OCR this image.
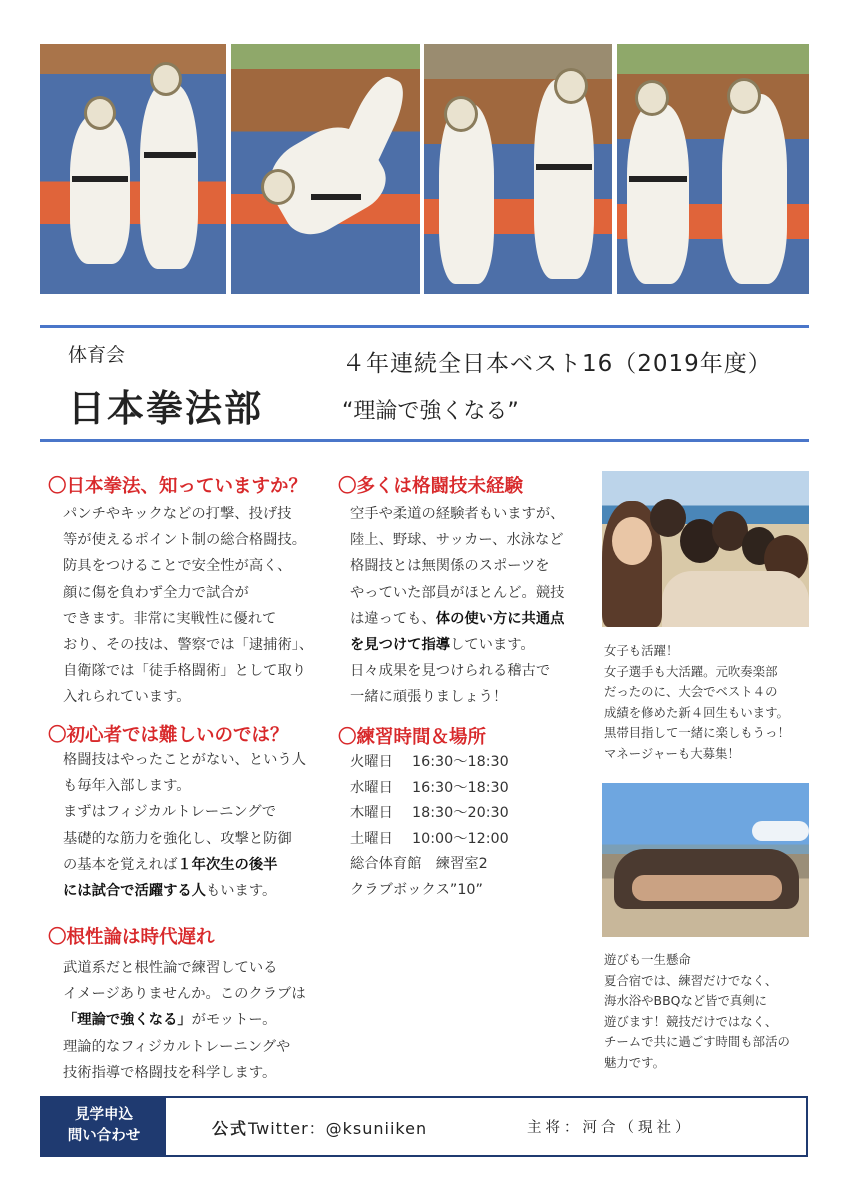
体育会
日本拳法部
４年連続全日本ベスト16（2019年度）
“理論で強くなる”
〇日本拳法、知っていますか？
パンチやキックなどの打撃、投げ技
等が使えるポイント制の総合格闘技。
防具をつけることで安全性が高く、
顔に傷を負わず全力で試合が
できます。非常に実戦性に優れて
おり、その技は、警察では「逮捕術」、
自衛隊では「徒手格闘術」として取り
入れられています。
〇初心者では難しいのでは？
格闘技はやったことがない、という人
も毎年入部します。
まずはフィジカルトレーニングで
基礎的な筋力を強化し、攻撃と防御
の基本を覚えれば１年次生の後半
には試合で活躍する人もいます。
〇根性論は時代遅れ
武道系だと根性論で練習している
イメージありませんか。このクラブは
「理論で強くなる」がモットー。
理論的なフィジカルトレーニングや
技術指導で格闘技を科学します。
〇多くは格闘技未経験
空手や柔道の経験者もいますが、
陸上、野球、サッカー、水泳など
格闘技とは無関係のスポーツを
やっていた部員がほとんど。競技
は違っても、体の使い方に共通点
を見つけて指導しています。
日々成果を見つけられる稽古で
一緒に頑張りましょう！
〇練習時間＆場所
火曜日	16:30～18:30
水曜日	16:30～18:30
木曜日	18:30～20:30
土曜日	10:00～12:00
総合体育館　練習室2
クラブボックス”10”
女子も活躍！
女子選手も大活躍。元吹奏楽部
だったのに、大会でベスト４の
成績を修めた新４回生もいます。
黒帯目指して一緒に楽しもうっ！
マネージャーも大募集！
遊びも一生懸命
夏合宿では、練習だけでなく、
海水浴やBBQなど皆で真剣に
遊びます！競技だけではなく、
チームで共に過ごす時間も部活の
魅力です。
見学申込
問い合わせ	公式Twitter：@ksuniiken	主将：河合（現社）
